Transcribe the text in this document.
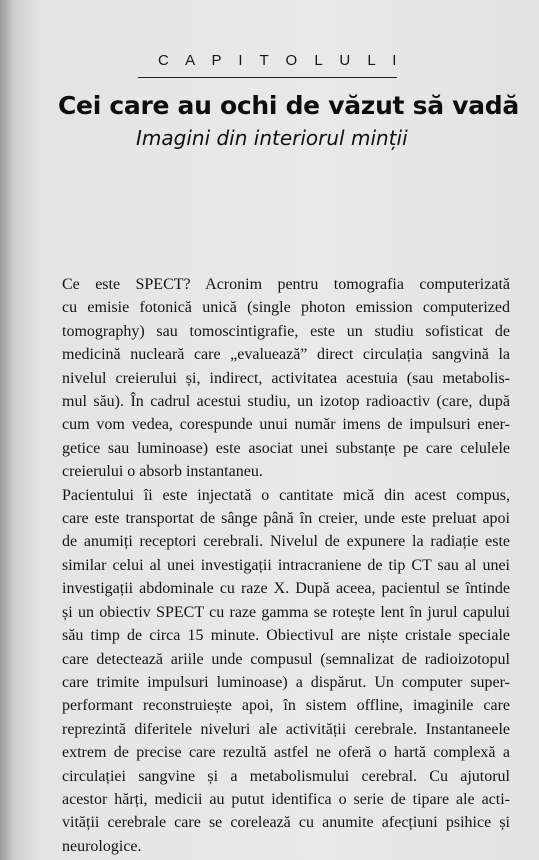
C A P I T O L U L I
Cei care au ochi de văzut să vadă
Imagini din interiorul minții

Ce este SPECT? Acronim pentru tomografia computerizată
cu emisie fotonică unică (single photon emission computerized
tomography) sau tomoscintigrafie, este un studiu sofisticat de
medicină nucleară care „evaluează” direct circulația sangvină la
nivelul creierului și, indirect, activitatea acestuia (sau metabolis-
mul său). În cadrul acestui studiu, un izotop radioactiv (care, după
cum vom vedea, corespunde unui număr imens de impulsuri ener-
getice sau luminoase) este asociat unei substanțe pe care celulele
creierului o absorb instantaneu.

Pacientului îi este injectată o cantitate mică din acest compus,
care este transportat de sânge până în creier, unde este preluat apoi
de anumiți receptori cerebrali. Nivelul de expunere la radiație este
similar celui al unei investigații intracraniene de tip CT sau al unei
investigații abdominale cu raze X. După aceea, pacientul se întinde
și un obiectiv SPECT cu raze gamma se rotește lent în jurul capului
său timp de circa 15 minute. Obiectivul are niște cristale speciale
care detectează ariile unde compusul (semnalizat de radioizotopul
care trimite impulsuri luminoase) a dispărut. Un computer super-
performant reconstruiește apoi, în sistem offline, imaginile care
reprezintă diferitele niveluri ale activității cerebrale. Instantaneele
extrem de precise care rezultă astfel ne oferă o hartă complexă a
circulației sangvine și a metabolismului cerebral. Cu ajutorul
acestor hărți, medicii au putut identifica o serie de tipare ale acti-
vității cerebrale care se corelează cu anumite afecțiuni psihice și
neurologice.
